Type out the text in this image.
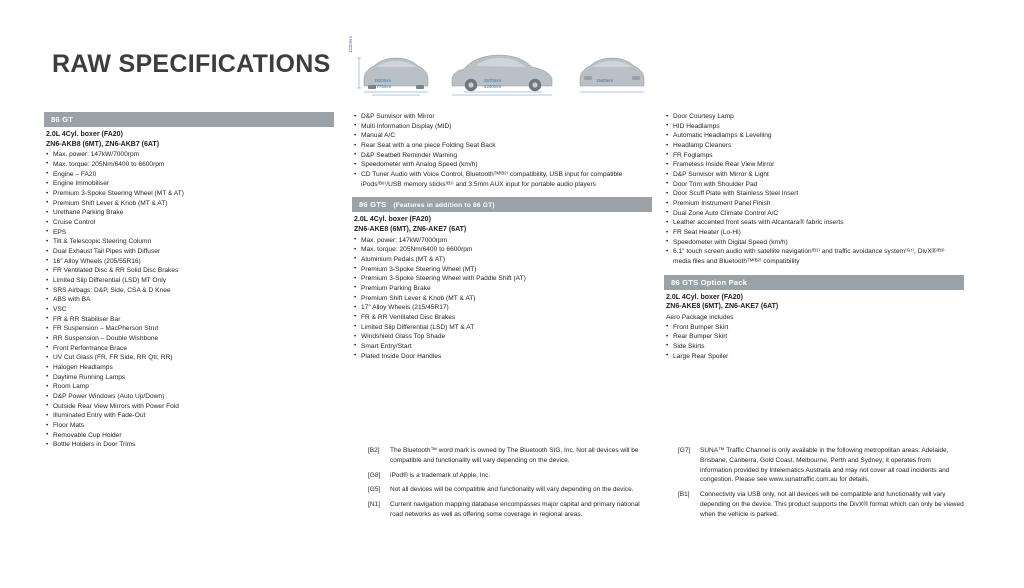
RAW SPECIFICATIONS
1320mm
1520mm
1775mm
2570mm
4240mm
1540mm
86 GT
2.0L 4Cyl. boxer (FA20)
ZN6-AKB8 (6MT), ZN6-AKB7 (6AT)
• Max. power: 147kW/7000rpm
• Max. torque: 205Nm/6400 to 6600rpm
• Engine – FA20
• Engine Immobiliser
• Premium 3-Spoke Steering Wheel (MT & AT)
• Premium Shift Lever & Knob (MT & AT)
• Urethane Parking Brake
• Cruise Control
• EPS
• Tilt & Telescopic Steering Column
• Dual Exhaust Tail Pipes with Diffuser
• 16″ Alloy Wheels (205/55R16)
• FR Ventilated Disc & RR Solid Disc Brakes
• Limited Slip Differential (LSD) MT Only
• SRS Airbags: D&P, Side, CSA & D Knee
• ABS with BA
• VSC
• FR & RR Stabiliser Bar
• FR Suspension – MacPherson Strut
• RR Suspension – Double Wishbone
• Front Performance Brace
• UV Cut Glass (FR, FR Side, RR Qtr, RR)
• Halogen Headlamps
• Daytime Running Lamps
• Room Lamp
• D&P Power Windows (Auto Up/Down)
• Outside Rear View Mirrors with Power Fold
• Illuminated Entry with Fade-Out
• Floor Mats
• Removable Cup Holder
• Bottle Holders in Door Trims
• D&P Sunvisor with Mirror
• Multi Information Display (MID)
• Manual A/C
• Rear Seat with a one piece Folding Seat Back
• D&P Seatbelt Reminder Warning
• Speedometer with Analog Speed (km/h)
• CD Tuner Audio with Voice Control, Bluetoothᵀᴹ⁽ᴮ²⁾ compatibility, USB input for compatible iPods⁽ᴮ⁸⁾/USB memory sticks⁽ᴮ¹⁾ and 3.5mm AUX input for portable audio players
86 GTS (Features in addition to 86 GT)
2.0L 4Cyl. boxer (FA20)
ZN6-AKE8 (6MT), ZN6-AKE7 (6AT)
• Max. power: 147kW/7000rpm
• Max. torque: 205Nm/6400 to 6600rpm
• Aluminium Pedals (MT & AT)
• Premium 3-Spoke Steering Wheel (MT)
• Premium 3-Spoke Steering Wheel with Paddle Shift (AT)
• Premium Parking Brake
• Premium Shift Lever & Knob (MT & AT)
• 17″ Alloy Wheels (215/45R17)
• FR & RR Ventilated Disc Brakes
• Limited Slip Differential (LSD) MT & AT
• Windshield Glass Top Shade
• Smart Entry/Start
• Plated Inside Door Handles
• Door Courtesy Lamp
• HID Headlamps
• Automatic Headlamps & Levelling
• Headlamp Cleaners
• FR Foglamps
• Frameless Inside Rear View Mirror
• D&P Sunvisor with Mirror & Light
• Door Trim with Shoulder Pad
• Door Scuff Plate with Stainless Steel Insert
• Premium Instrument Panel Finish
• Dual Zone Auto Climate Control A/C
• Leather accented front seats with Alcantara® fabric inserts
• FR Seat Heater (Lo-Hi)
• Speedometer with Digital Speed (km/h)
• 6.1″ touch screen audio with satellite navigation⁽ᴮ¹⁾ and traffic avoidance system⁽ᴳ⁷⁾, DivX®⁽ᴮ³⁾ media files and Bluetoothᵀᴹ⁽ᴮ²⁾ compatibility
86 GTS Option Pack
2.0L 4Cyl. boxer (FA20)
ZN6-AKE8 (6MT), ZN6-AKE7 (6AT)
Aero Package includes
• Front Bumper Skirt
• Rear Bumper Skirt
• Side Skirts
• Large Rear Spoiler
[B2]	The Bluetooth™ word mark is owned by The Bluetooth SIG, Inc. Not all devices will be compatible and functionality will vary depending on the device.
[G8]	iPod® is a trademark of Apple, Inc.
[G5]	Not all devices will be compatible and functionality will vary depending on the device.
[N1]	Current navigation mapping database encompasses major capital and primary national road networks as well as offering some coverage in regional areas.
[G7]	SUNA™ Traffic Channel is only available in the following metropolitan areas: Adelaide, Brisbane, Canberra, Gold Coast, Melbourne, Perth and Sydney; it operates from information provided by Intelematics Australia and may not cover all road incidents and congestion. Please see www.sunatraffic.com.au for details.
[B1]	Connectivity via USB only, not all devices will be compatible and functionality will vary depending on the device. This product supports the DivX® format which can only be viewed when the vehicle is parked.
